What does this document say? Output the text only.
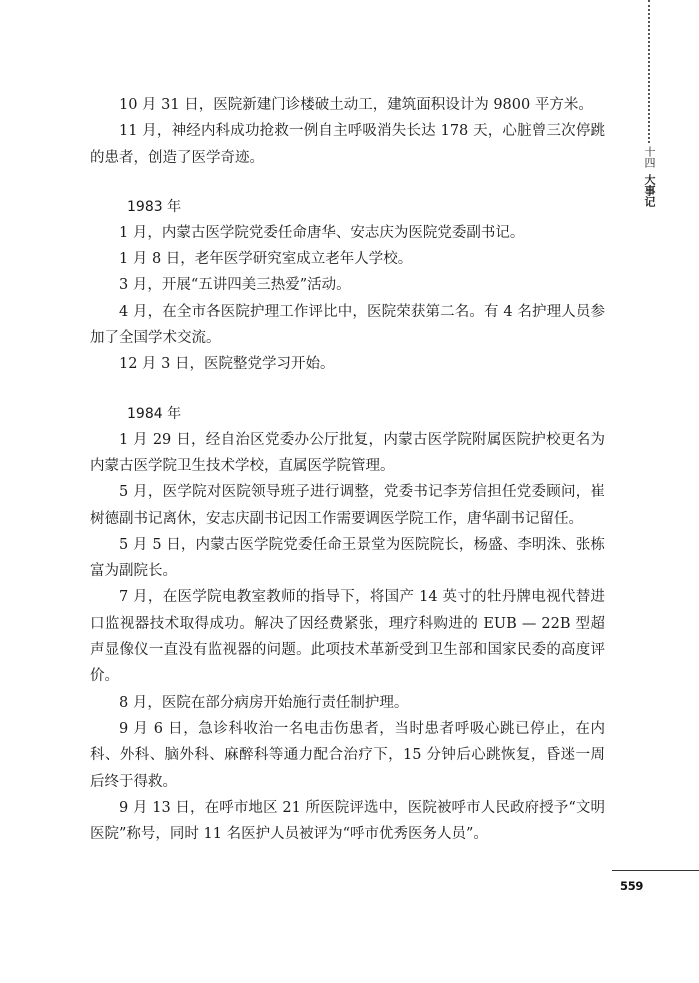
十四
大事记

10 月 31 日，医院新建门诊楼破土动工，建筑面积设计为 9800 平方米。

11 月，神经内科成功抢救一例自主呼吸消失长达 178 天，心脏曾三次停跳的患者，创造了医学奇迹。

1983 年

1 月，内蒙古医学院党委任命唐华、安志庆为医院党委副书记。

1 月 8 日，老年医学研究室成立老年人学校。

3 月，开展“五讲四美三热爱”活动。

4 月，在全市各医院护理工作评比中，医院荣获第二名。有 4 名护理人员参加了全国学术交流。

12 月 3 日，医院整党学习开始。

1984 年

1 月 29 日，经自治区党委办公厅批复，内蒙古医学院附属医院护校更名为内蒙古医学院卫生技术学校，直属医学院管理。

5 月，医学院对医院领导班子进行调整，党委书记李芳信担任党委顾问，崔树德副书记离休，安志庆副书记因工作需要调医学院工作，唐华副书记留任。

5 月 5 日，内蒙古医学院党委任命王景堂为医院院长，杨盛、李明洙、张栋富为副院长。

7 月，在医学院电教室教师的指导下，将国产 14 英寸的牡丹牌电视代替进口监视器技术取得成功。解决了因经费紧张，理疗科购进的 EUB — 22B 型超声显像仪一直没有监视器的问题。此项技术革新受到卫生部和国家民委的高度评价。

8 月，医院在部分病房开始施行责任制护理。

9 月 6 日，急诊科收治一名电击伤患者，当时患者呼吸心跳已停止，在内科、外科、脑外科、麻醉科等通力配合治疗下，15 分钟后心跳恢复，昏迷一周后终于得救。

9 月 13 日，在呼市地区 21 所医院评选中，医院被呼市人民政府授予“文明医院”称号，同时 11 名医护人员被评为“呼市优秀医务人员”。

559
